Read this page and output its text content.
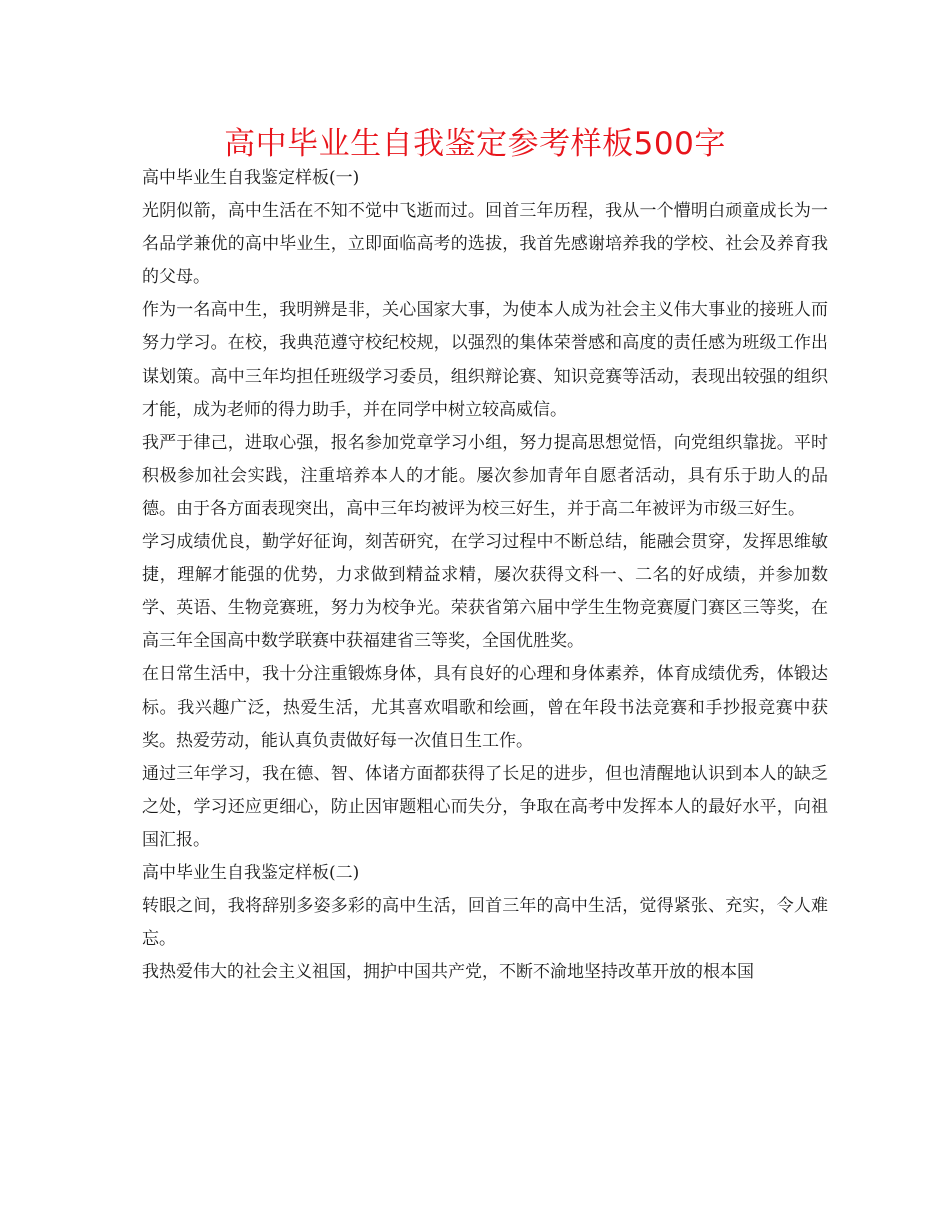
高中毕业生自我鉴定参考样板500字

高中毕业生自我鉴定样板(一)

光阴似箭，高中生活在不知不觉中飞逝而过。回首三年历程，我从一个懵明白顽童成长为一名品学兼优的高中毕业生，立即面临高考的选拔，我首先感谢培养我的学校、社会及养育我的父母。

作为一名高中生，我明辨是非，关心国家大事，为使本人成为社会主义伟大事业的接班人而努力学习。在校，我典范遵守校纪校规，以强烈的集体荣誉感和高度的责任感为班级工作出谋划策。高中三年均担任班级学习委员，组织辩论赛、知识竞赛等活动，表现出较强的组织才能，成为老师的得力助手，并在同学中树立较高威信。

我严于律己，进取心强，报名参加党章学习小组，努力提高思想觉悟，向党组织靠拢。平时积极参加社会实践，注重培养本人的才能。屡次参加青年自愿者活动，具有乐于助人的品德。由于各方面表现突出，高中三年均被评为校三好生，并于高二年被评为市级三好生。

学习成绩优良，勤学好征询，刻苦研究，在学习过程中不断总结，能融会贯穿，发挥思维敏捷，理解才能强的优势，力求做到精益求精，屡次获得文科一、二名的好成绩，并参加数学、英语、生物竞赛班，努力为校争光。荣获省第六届中学生生物竞赛厦门赛区三等奖，在高三年全国高中数学联赛中获福建省三等奖，全国优胜奖。

在日常生活中，我十分注重锻炼身体，具有良好的心理和身体素养，体育成绩优秀，体锻达标。我兴趣广泛，热爱生活，尤其喜欢唱歌和绘画，曾在年段书法竞赛和手抄报竞赛中获奖。热爱劳动，能认真负责做好每一次值日生工作。

通过三年学习，我在德、智、体诸方面都获得了长足的进步，但也清醒地认识到本人的缺乏之处，学习还应更细心，防止因审题粗心而失分，争取在高考中发挥本人的最好水平，向祖国汇报。

高中毕业生自我鉴定样板(二)

转眼之间，我将辞别多姿多彩的高中生活，回首三年的高中生活，觉得紧张、充实，令人难忘。

我热爱伟大的社会主义祖国，拥护中国共产党，不断不渝地坚持改革开放的根本国
